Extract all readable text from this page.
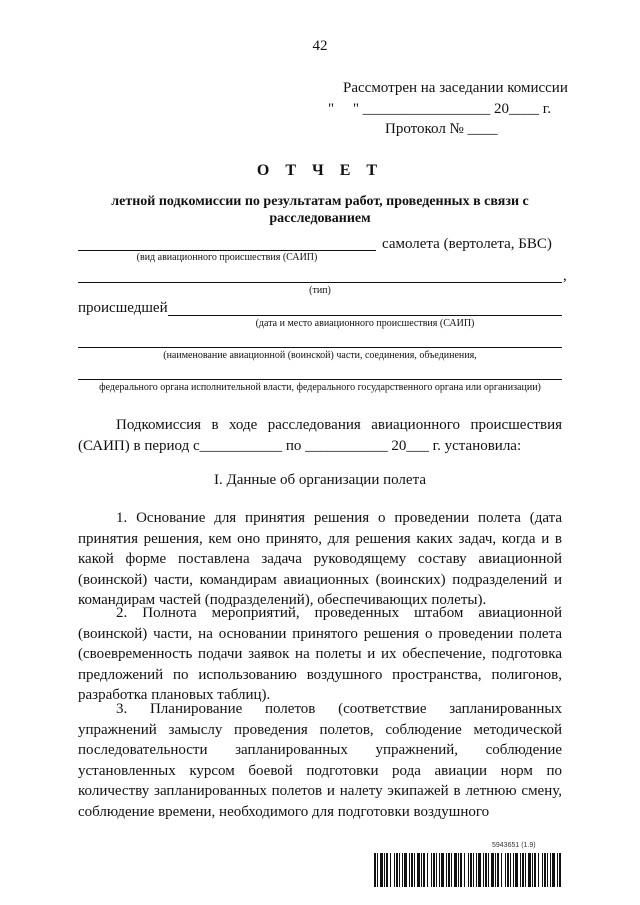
42
Рассмотрен на заседании комиссии
"     " _________________ 20____ г.
Протокол № ____
О Т Ч Е Т
летной подкомиссии по результатам работ, проведенных в связи с расследованием
самолета (вертолета, БВС)
(вид авиационного происшествия (САИП)
,
(тип)
происшедшей
(дата и место авиационного происшествия (САИП)
(наименование авиационной (воинской) части, соединения, объединения,
федерального органа исполнительной власти, федерального государственного органа или организации)
Подкомиссия в ходе расследования авиационного происшествия (САИП) в период с___________ по ___________ 20___ г. установила:
I. Данные об организации полета
1. Основание для принятия решения о проведении полета (дата принятия решения, кем оно принято, для решения каких задач, когда и в какой форме поставлена задача руководящему составу авиационной (воинской) части, командирам авиационных (воинских) подразделений и командирам частей (подразделений), обеспечивающих полеты).
2. Полнота мероприятий, проведенных штабом авиационной (воинской) части, на основании принятого решения о проведении полета (своевременность подачи заявок на полеты и их обеспечение, подготовка предложений по использованию воздушного пространства, полигонов, разработка плановых таблиц).
3. Планирование полетов (соответствие запланированных упражнений замыслу проведения полетов, соблюдение методической последовательности запланированных упражнений, соблюдение установленных курсом боевой подготовки рода авиации норм по количеству запланированных полетов и налету экипажей в летнюю смену, соблюдение времени, необходимого для подготовки воздушного
5943651 (1.9)
